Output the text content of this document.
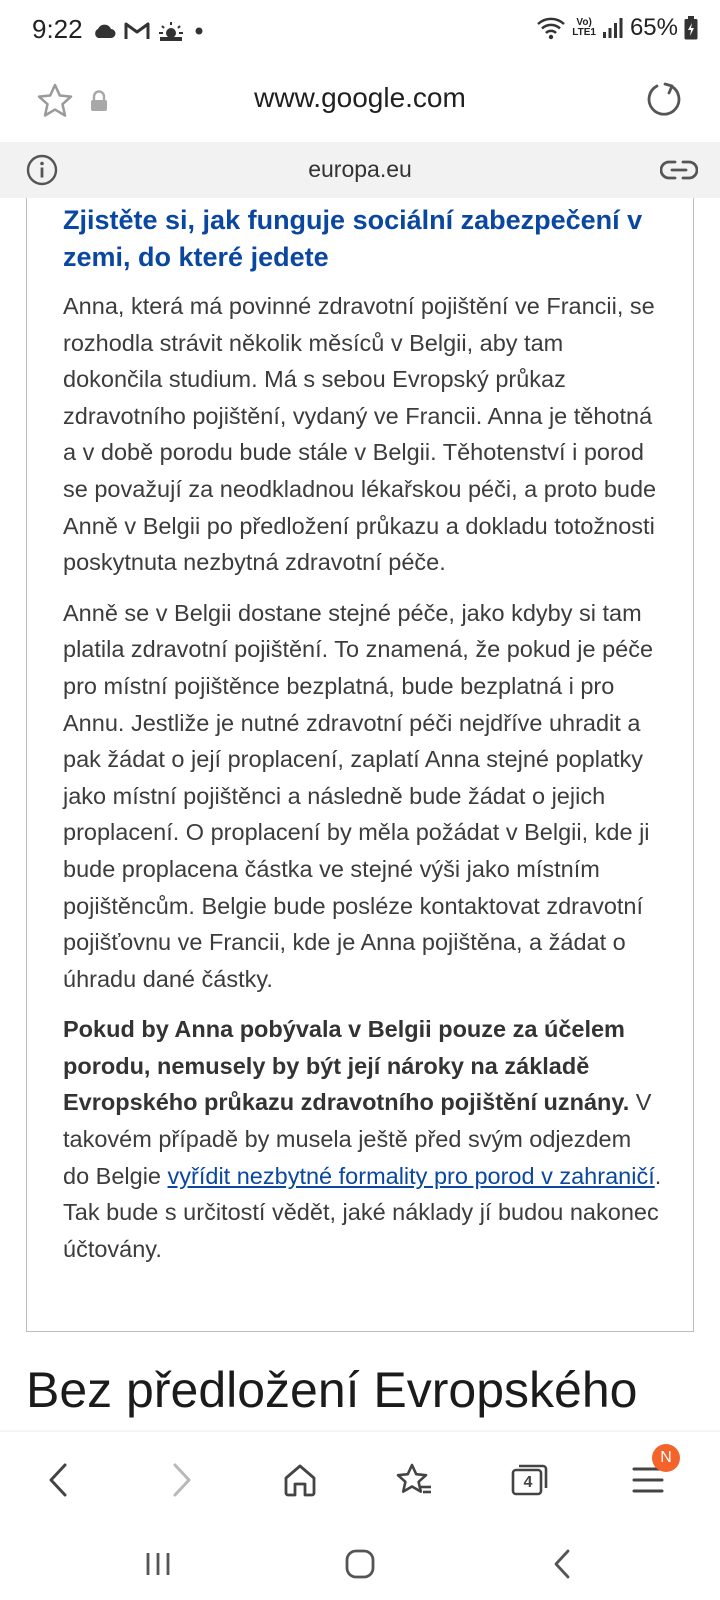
9:22	Vo)
LTE1 65%
www.google.com
europa.eu
Zjistěte si, jak funguje sociální zabezpečení v zemi, do které jedete

Anna, která má povinné zdravotní pojištění ve Francii, se rozhodla strávit několik měsíců v Belgii, aby tam dokončila studium. Má s sebou Evropský průkaz zdravotního pojištění, vydaný ve Francii. Anna je těhotná a v době porodu bude stále v Belgii. Těhotenství i porod se považují za neodkladnou lékařskou péči, a proto bude Anně v Belgii po předložení průkazu a dokladu totožnosti poskytnuta nezbytná zdravotní péče.

Anně se v Belgii dostane stejné péče, jako kdyby si tam platila zdravotní pojištění. To znamená, že pokud je péče pro místní pojištěnce bezplatná, bude bezplatná i pro Annu. Jestliže je nutné zdravotní péči nejdříve uhradit a pak žádat o její proplacení, zaplatí Anna stejné poplatky jako místní pojištěnci a následně bude žádat o jejich proplacení. O proplacení by měla požádat v Belgii, kde ji bude proplacena částka ve stejné výši jako místním pojištěncům. Belgie bude posléze kontaktovat zdravotní pojišťovnu ve Francii, kde je Anna pojištěna, a žádat o úhradu dané částky.

Pokud by Anna pobývala v Belgii pouze za účelem porodu, nemusely by být její nároky na základě Evropského průkazu zdravotního pojištění uznány. V takovém případě by musela ještě před svým odjezdem do Belgie vyřídit nezbytné formality pro porod v zahraničí. Tak bude s určitostí vědět, jaké náklady jí budou nakonec účtovány.

Bez předložení Evropského
4
N
